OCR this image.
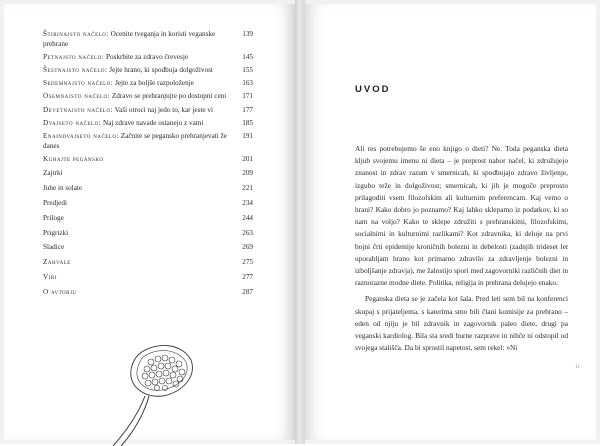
Štirinajsto načelo: Ocenite tveganja in koristi veganske prehrane
139
Petnajsto načelo: Poskrbite za zdravo črevesje	145
Šestnajsto načelo: Jejte hrano, ki spodbuja dolgoživost	155
Sedemnajsto načelo: Jejte za boljše razpoloženje	163
Osemnajsto načelo: Zdravo se prehranjujte po dostopni ceni	171
Devetnajsto načelo: Vaši otroci naj jedo to, kar jeste vi	177
Dvajseto načelo: Naj zdrave navade ostanejo z vami	185
Enaindvajseto načelo: Začnite se pegansko prehranjevati že danes
191
Kuhajte pegansko	201
Zajtrki	209
Juhe in solate	221
Predjedi	234
Priloge	244
Prigrizki	263
Sladice	269
Zahvale	275
Viri	277
O avtorju	287
UVOD

Ali res potrebujemo še eno knjigo o dieti? Ne. Toda peganska dieta kljub svojemu imenu ni dieta – je preprost nabor načel, ki združujejo znanost in zdrav razum v smernicah, ki spodbujajo zdravo življenje, izgubo teže in dolgoživost; smernicah, ki jih je mogoče preprosto prilagoditi vsem filozofskim ali kulturnim preferencam. Kaj vemo o hrani? Kako dobro jo poznamo? Kaj lahko sklepamo iz podatkov, ki so nam na voljo? Kako te sklepe združiti s prehranskimi, filozofskimi, socialnimi in kulturnimi razlikami? Kot zdravnika, ki deluje na prvi bojni črti epidemije kroničnih bolezni in debelosti (zadnjih trideset let uporabljam hrano kot primarno zdravilo za zdravljenje bolezni in izboljšanje zdravja), me žalostijo spori med zagovorniki različnih diet in raznorazne modne diete. Politika, religija in prehrana delujejo enako.

Peganska dieta se je začela kot šala. Pred leti sem bil na konferenci skupaj s prijateljema, s katerima smo bili člani komisije za prehrano – eden od njiju je bil zdravnik in zagovornik paleo diete, drugi pa veganski kardiolog. Bila sta sredi burne razprave in nihče ni odstopil od svojega stališča. Da bi sprostil napetost, sem rekel: »Ni

11
